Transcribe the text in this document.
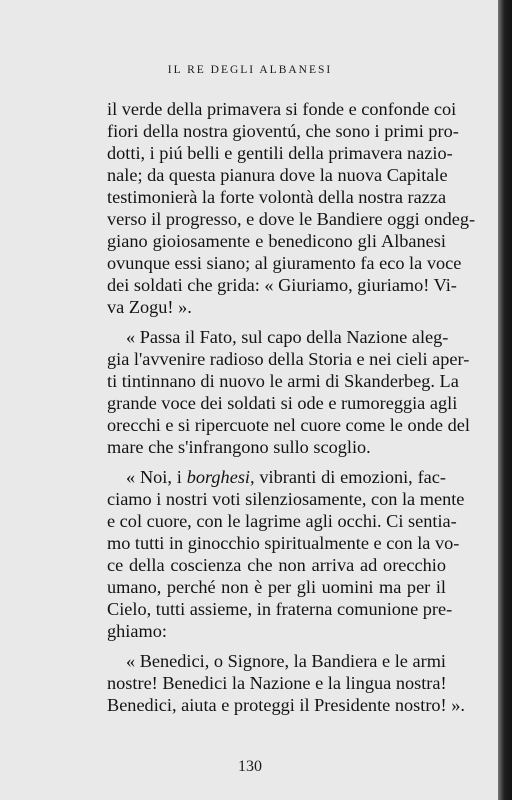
IL RE DEGLI ALBANESI
il verde della primavera si fonde e confonde coi
fiori della nostra gioventú, che sono i primi pro-
dotti, i piú belli e gentili della primavera nazio-
nale; da questa pianura dove la nuova Capitale
testimonierà la forte volontà della nostra razza
verso il progresso, e dove le Bandiere oggi ondeg-
giano gioiosamente e benedicono gli Albanesi
ovunque essi siano; al giuramento fa eco la voce
dei soldati che grida: « Giuriamo, giuriamo! Vi-
va Zogu! ».
« Passa il Fato, sul capo della Nazione aleg-
gia l'avvenire radioso della Storia e nei cieli aper-
ti tintinnano di nuovo le armi di Skanderbeg. La
grande voce dei soldati si ode e rumoreggia agli
orecchi e si ripercuote nel cuore come le onde del
mare che s'infrangono sullo scoglio.
« Noi, i borghesi, vibranti di emozioni, fac-
ciamo i nostri voti silenziosamente, con la mente
e col cuore, con le lagrime agli occhi. Ci sentia-
mo tutti in ginocchio spiritualmente e con la vo-
ce della coscienza che non arriva ad orecchio
umano, perché non è per gli uomini ma per il
Cielo, tutti assieme, in fraterna comunione pre-
ghiamo:
« Benedici, o Signore, la Bandiera e le armi
nostre! Benedici la Nazione e la lingua nostra!
Benedici, aiuta e proteggi il Presidente nostro! ».
130
